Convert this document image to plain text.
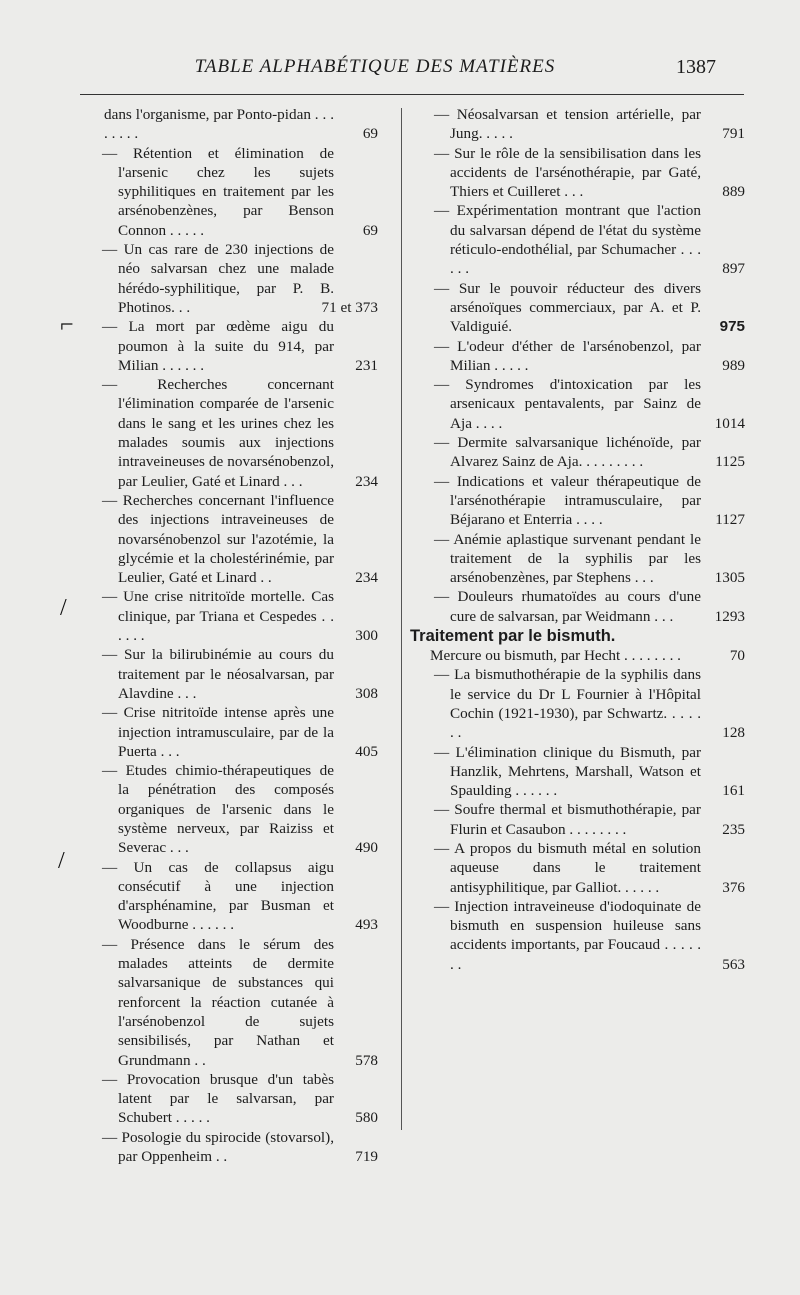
TABLE ALPHABÉTIQUE DES MATIÈRES	1387
⌐
/
/
dans l'organisme, par Ponto-pidan . . . . . . . .	69
— Rétention et élimination de l'arsenic chez les sujets syphilitiques en traitement par les arsénobenzènes, par Benson Connon . . . . .	69
— Un cas rare de 230 injections de néo salvarsan chez une malade hérédo-syphilitique, par P. B. Photinos. . .	71 et 373
— La mort par œdème aigu du poumon à la suite du 914, par Milian . . . . . .	231
— Recherches concernant l'élimination comparée de l'arsenic dans le sang et les urines chez les malades soumis aux injections intraveineuses de novarsénobenzol, par Leulier, Gaté et Linard . . .	234
— Recherches concernant l'influence des injections intraveineuses de novarsénobenzol sur l'azotémie, la glycémie et la cholestérinémie, par Leulier, Gaté et Linard . .	234
— Une crise nitritoïde mortelle. Cas clinique, par Triana et Cespedes . . . . . .	300
— Sur la bilirubinémie au cours du traitement par le néosalvarsan, par Alavdine . . .	308
— Crise nitritoïde intense après une injection intramusculaire, par de la Puerta . . .	405
— Etudes chimio-thérapeutiques de la pénétration des composés organiques de l'arsenic dans le système nerveux, par Raiziss et Severac . . .	490
— Un cas de collapsus aigu consécutif à une injection d'arsphénamine, par Busman et Woodburne . . . . . .	493
— Présence dans le sérum des malades atteints de dermite salvarsanique de substances qui renforcent la réaction cutanée à l'arsénobenzol de sujets sensibilisés, par Nathan et Grundmann . .	578
— Provocation brusque d'un tabès latent par le salvarsan, par Schubert . . . . .	580
— Posologie du spirocide (stovarsol), par Oppenheim . .	719
— Néosalvarsan et tension artérielle, par Jung. . . . .	791
— Sur le rôle de la sensibilisation dans les accidents de l'arsénothérapie, par Gaté, Thiers et Cuilleret . . .	889
— Expérimentation montrant que l'action du salvarsan dépend de l'état du système réticulo-endothélial, par Schumacher . . . . . .	897
— Sur le pouvoir réducteur des divers arsénoïques commerciaux, par A. et P. Valdiguié.	975
— L'odeur d'éther de l'arsénobenzol, par Milian . . . . .	989
— Syndromes d'intoxication par les arsenicaux pentavalents, par Sainz de Aja . . . .	1014
— Dermite salvarsanique lichénoïde, par Alvarez Sainz de Aja. . . . . . . . .	1125
— Indications et valeur thérapeutique de l'arsénothérapie intramusculaire, par Béjarano et Enterria . . . .	1127
— Anémie aplastique survenant pendant le traitement de la syphilis par les arsénobenzènes, par Stephens . . .	1305
— Douleurs rhumatoïdes au cours d'une cure de salvarsan, par Weidmann . . .	1293
Traitement par le bismuth.
Mercure ou bismuth, par Hecht . . . . . . . .	70
— La bismuthothérapie de la syphilis dans le service du Dr L Fournier à l'Hôpital Cochin (1921-1930), par Schwartz. . . . . . .	128
— L'élimination clinique du Bismuth, par Hanzlik, Mehrtens, Marshall, Watson et Spaulding . . . . . .	161
— Soufre thermal et bismuthothérapie, par Flurin et Casaubon . . . . . . . .	235
— A propos du bismuth métal en solution aqueuse dans le traitement antisyphilitique, par Galliot. . . . . .	376
— Injection intraveineuse d'iodoquinate de bismuth en suspension huileuse sans accidents importants, par Foucaud . . . . . . .	563
